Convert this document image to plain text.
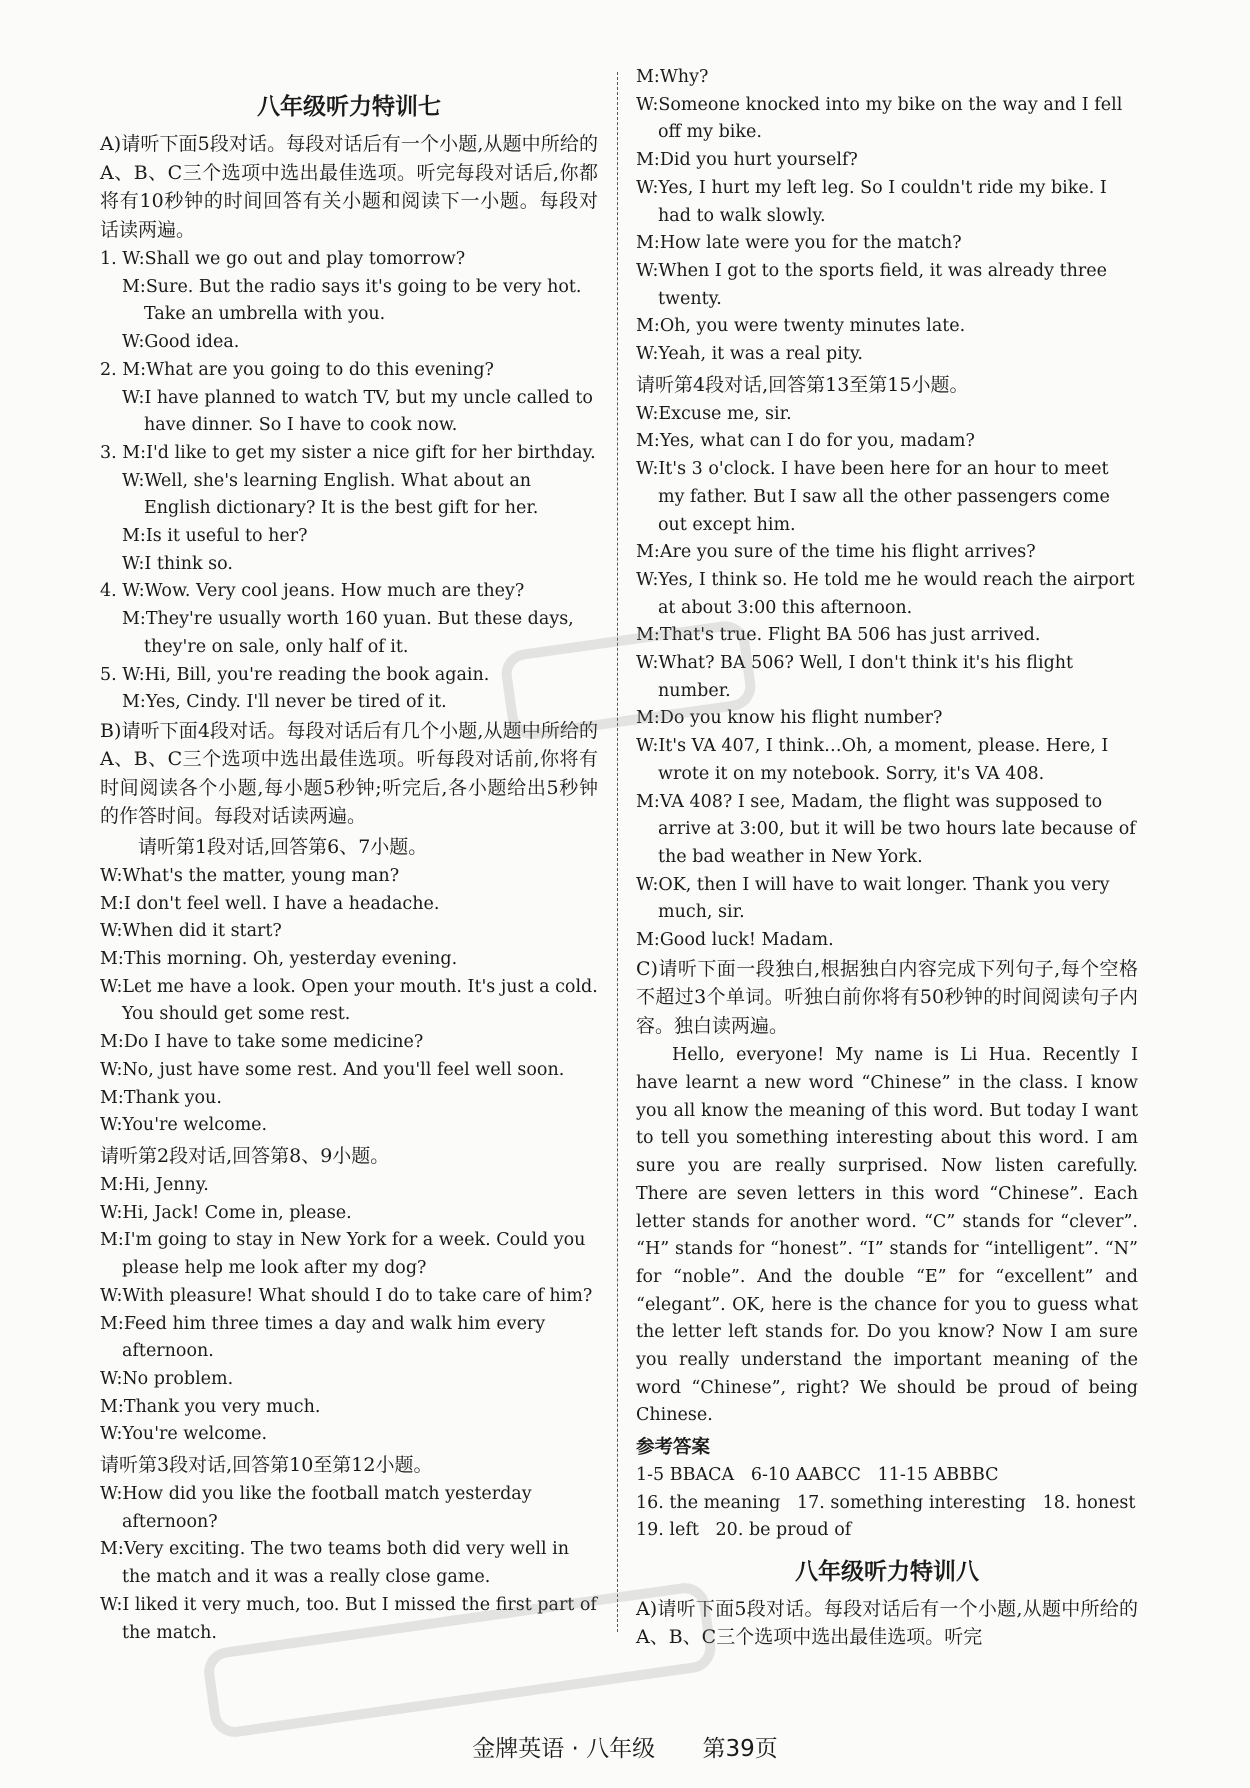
八年级听力特训七
A)请听下面5段对话。每段对话后有一个小题,从题中所给的A、B、C三个选项中选出最佳选项。听完每段对话后,你都将有10秒钟的时间回答有关小题和阅读下一小题。每段对话读两遍。

1. W:Shall we go out and play tomorrow?

M:Sure. But the radio says it's going to be very hot. Take an umbrella with you.

W:Good idea.

2. M:What are you going to do this evening?

W:I have planned to watch TV, but my uncle called to have dinner. So I have to cook now.

3. M:I'd like to get my sister a nice gift for her birthday.

W:Well, she's learning English. What about an English dictionary? It is the best gift for her.

M:Is it useful to her?

W:I think so.

4. W:Wow. Very cool jeans. How much are they?

M:They're usually worth 160 yuan. But these days, they're on sale, only half of it.

5. W:Hi, Bill, you're reading the book again.

M:Yes, Cindy. I'll never be tired of it.

B)请听下面4段对话。每段对话后有几个小题,从题中所给的A、B、C三个选项中选出最佳选项。听每段对话前,你将有时间阅读各个小题,每小题5秒钟;听完后,各小题给出5秒钟的作答时间。每段对话读两遍。
请听第1段对话,回答第6、7小题。

W:What's the matter, young man?

M:I don't feel well. I have a headache.

W:When did it start?

M:This morning. Oh, yesterday evening.

W:Let me have a look. Open your mouth. It's just a cold. You should get some rest.

M:Do I have to take some medicine?

W:No, just have some rest. And you'll feel well soon.

M:Thank you.

W:You're welcome.

请听第2段对话,回答第8、9小题。

M:Hi, Jenny.

W:Hi, Jack! Come in, please.

M:I'm going to stay in New York for a week. Could you please help me look after my dog?

W:With pleasure! What should I do to take care of him?

M:Feed him three times a day and walk him every afternoon.

W:No problem.

M:Thank you very much.

W:You're welcome.

请听第3段对话,回答第10至第12小题。

W:How did you like the football match yesterday afternoon?

M:Very exciting. The two teams both did very well in the match and it was a really close game.

W:I liked it very much, too. But I missed the first part of the match.

M:Why?

W:Someone knocked into my bike on the way and I fell off my bike.

M:Did you hurt yourself?

W:Yes, I hurt my left leg. So I couldn't ride my bike. I had to walk slowly.

M:How late were you for the match?

W:When I got to the sports field, it was already three twenty.

M:Oh, you were twenty minutes late.

W:Yeah, it was a real pity.

请听第4段对话,回答第13至第15小题。

W:Excuse me, sir.

M:Yes, what can I do for you, madam?

W:It's 3 o'clock. I have been here for an hour to meet my father. But I saw all the other passengers come out except him.

M:Are you sure of the time his flight arrives?

W:Yes, I think so. He told me he would reach the airport at about 3:00 this afternoon.

M:That's true. Flight BA 506 has just arrived.

W:What? BA 506? Well, I don't think it's his flight number.

M:Do you know his flight number?

W:It's VA 407, I think…Oh, a moment, please. Here, I wrote it on my notebook. Sorry, it's VA 408.

M:VA 408? I see, Madam, the flight was supposed to arrive at 3:00, but it will be two hours late because of the bad weather in New York.

W:OK, then I will have to wait longer. Thank you very much, sir.

M:Good luck! Madam.

C)请听下面一段独白,根据独白内容完成下列句子,每个空格不超过3个单词。听独白前你将有50秒钟的时间阅读句子内容。独白读两遍。

Hello, everyone! My name is Li Hua. Recently I have learnt a new word “Chinese” in the class. I know you all know the meaning of this word. But today I want to tell you something interesting about this word. I am sure you are really surprised. Now listen carefully. There are seven letters in this word “Chinese”. Each letter stands for another word. “C” stands for “clever”. “H” stands for “honest”. “I” stands for “intelligent”. “N” for “noble”. And the double “E” for “excellent” and “elegant”. OK, here is the chance for you to guess what the letter left stands for. Do you know? Now I am sure you really understand the important meaning of the word “Chinese”, right? We should be proud of being Chinese.

参考答案

1-5 BBACA   6-10 AABCC   11-15 ABBBC

16. the meaning   17. something interesting   18. honest

19. left   20. be proud of

八年级听力特训八
A)请听下面5段对话。每段对话后有一个小题,从题中所给的A、B、C三个选项中选出最佳选项。听完
金牌英语 · 八年级 第39页
